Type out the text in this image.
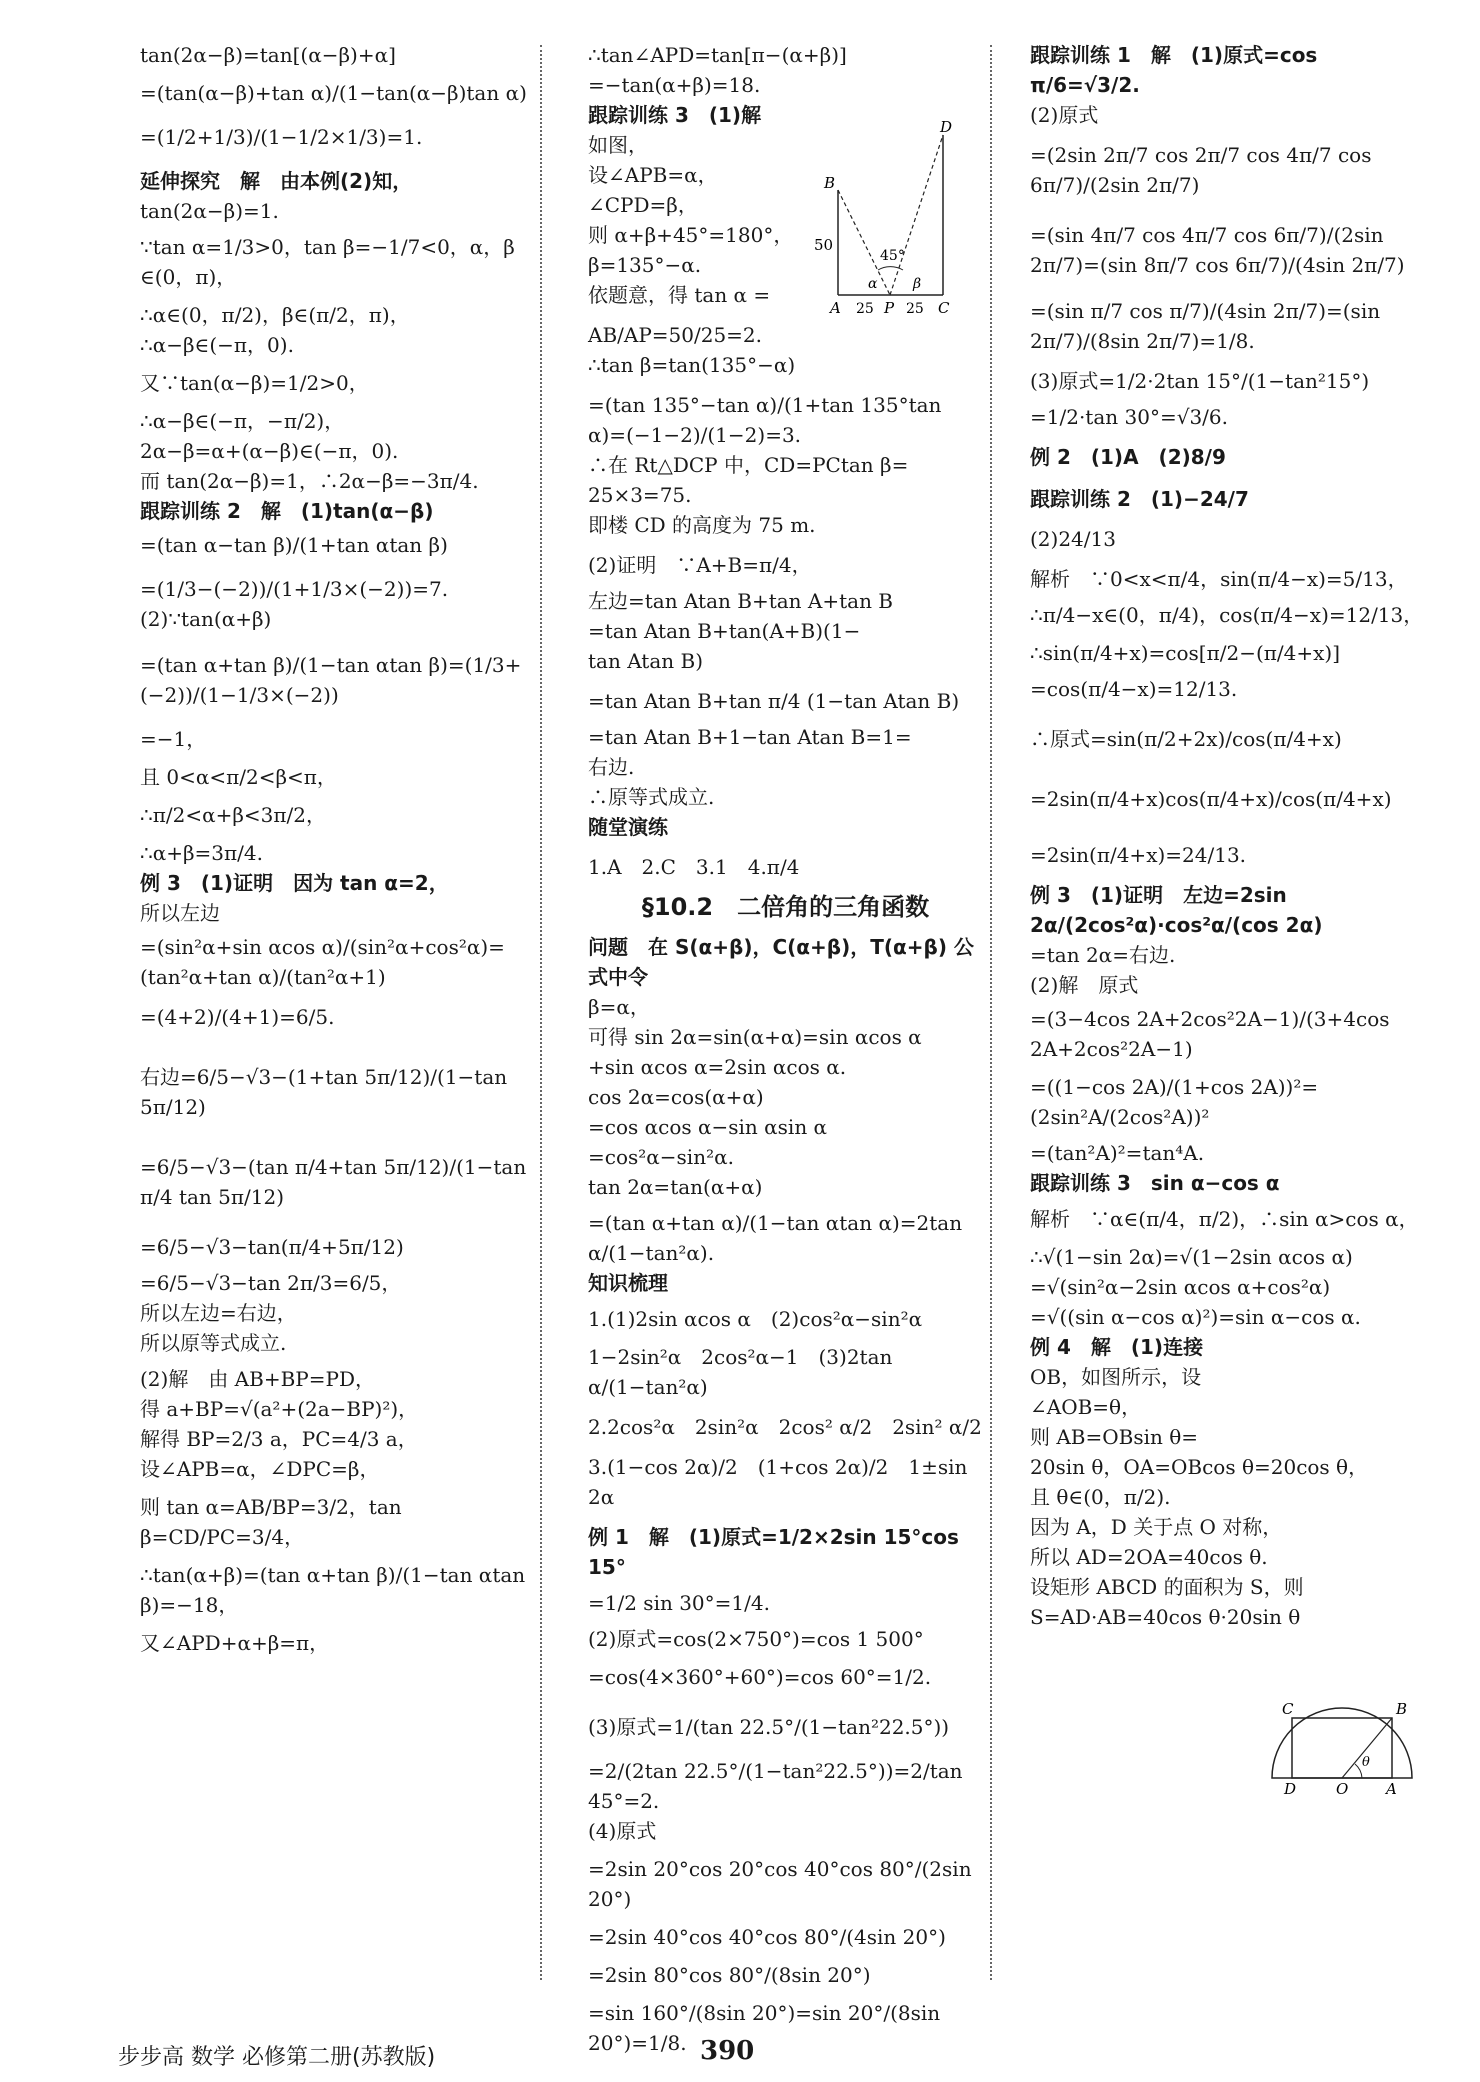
tan(2α−β)=tan[(α−β)+α]
=(tan(α−β)+tan α)/(1−tan(α−β)tan α)
=(1/2+1/3)/(1−1/2×1/3)=1.
延伸探究　解　由本例(2)知，
tan(2α−β)=1.
∵tan α=1/3>0，tan β=−1/7<0，α，β
∈(0，π)，
∴α∈(0，π/2)，β∈(π/2，π)，
∴α−β∈(−π，0).
又∵tan(α−β)=1/2>0，
∴α−β∈(−π，−π/2)，
2α−β=α+(α−β)∈(−π，0).
而 tan(2α−β)=1，∴2α−β=−3π/4.
跟踪训练 2　解　(1)tan(α−β)
=(tan α−tan β)/(1+tan αtan β)
=(1/3−(−2))/(1+1/3×(−2))=7.
(2)∵tan(α+β)
=(tan α+tan β)/(1−tan αtan β)=(1/3+(−2))/(1−1/3×(−2))
=−1，
且 0<α<π/2<β<π，
∴π/2<α+β<3π/2，
∴α+β=3π/4.
例 3　(1)证明　因为 tan α=2，
所以左边
=(sin²α+sin αcos α)/(sin²α+cos²α)=(tan²α+tan α)/(tan²α+1)
=(4+2)/(4+1)=6/5.
右边=6/5−√3−(1+tan 5π/12)/(1−tan 5π/12)
=6/5−√3−(tan π/4+tan 5π/12)/(1−tan π/4 tan 5π/12)
=6/5−√3−tan(π/4+5π/12)
=6/5−√3−tan 2π/3=6/5，
所以左边=右边，
所以原等式成立.
(2)解　由 AB+BP=PD，
得 a+BP=√(a²+(2a−BP)²)，
解得 BP=2/3 a，PC=4/3 a，
设∠APB=α，∠DPC=β，
则 tan α=AB/BP=3/2，tan β=CD/PC=3/4，
∴tan(α+β)=(tan α+tan β)/(1−tan αtan β)=−18，
又∠APD+α+β=π，
∴tan∠APD=tan[π−(α+β)]
=−tan(α+β)=18.
跟踪训练 3　(1)解
如图，
设∠APB=α，
∠CPD=β，
则 α+β+45°=180°，
β=135°−α.
依题意，得 tan α =
AB/AP=50/25=2.
∴tan β=tan(135°−α)
=(tan 135°−tan α)/(1+tan 135°tan α)=(−1−2)/(1−2)=3.
∴在 Rt△DCP 中，CD=PCtan β=
25×3=75.
即楼 CD 的高度为 75 m.
(2)证明　∵A+B=π/4，
左边=tan Atan B+tan A+tan B
=tan Atan B+tan(A+B)(1−
tan Atan B)
=tan Atan B+tan π/4 (1−tan Atan B)
=tan Atan B+1−tan Atan B=1=
右边.
∴原等式成立.
随堂演练
1.A　2.C　3.1　4.π/4
§10.2　二倍角的三角函数
问题　在 S(α+β)，C(α+β)，T(α+β) 公式中令
β=α，
可得 sin 2α=sin(α+α)=sin αcos α
+sin αcos α=2sin αcos α.
cos 2α=cos(α+α)
=cos αcos α−sin αsin α
=cos²α−sin²α.
tan 2α=tan(α+α)
=(tan α+tan α)/(1−tan αtan α)=2tan α/(1−tan²α).
知识梳理
1.(1)2sin αcos α　(2)cos²α−sin²α
1−2sin²α　2cos²α−1　(3)2tan α/(1−tan²α)
2.2cos²α　2sin²α　2cos² α/2　2sin² α/2
3.(1−cos 2α)/2　(1+cos 2α)/2　1±sin 2α
例 1　解　(1)原式=1/2×2sin 15°cos 15°
=1/2 sin 30°=1/4.
(2)原式=cos(2×750°)=cos 1 500°
=cos(4×360°+60°)=cos 60°=1/2.
(3)原式=1/(tan 22.5°/(1−tan²22.5°))
=2/(2tan 22.5°/(1−tan²22.5°))=2/tan 45°=2.
(4)原式
=2sin 20°cos 20°cos 40°cos 80°/(2sin 20°)
=2sin 40°cos 40°cos 80°/(4sin 20°)
=2sin 80°cos 80°/(8sin 20°)
=sin 160°/(8sin 20°)=sin 20°/(8sin 20°)=1/8.
跟踪训练 1　解　(1)原式=cos π/6=√3/2.
(2)原式
=(2sin 2π/7 cos 2π/7 cos 4π/7 cos 6π/7)/(2sin 2π/7)
=(sin 4π/7 cos 4π/7 cos 6π/7)/(2sin 2π/7)=(sin 8π/7 cos 6π/7)/(4sin 2π/7)
=(sin π/7 cos π/7)/(4sin 2π/7)=(sin 2π/7)/(8sin 2π/7)=1/8.
(3)原式=1/2·2tan 15°/(1−tan²15°)
=1/2·tan 30°=√3/6.
例 2　(1)A　(2)8/9
跟踪训练 2　(1)−24/7
(2)24/13
解析　∵0<x<π/4，sin(π/4−x)=5/13，
∴π/4−x∈(0，π/4)，cos(π/4−x)=12/13，
∴sin(π/4+x)=cos[π/2−(π/4+x)]
=cos(π/4−x)=12/13.
∴原式=sin(π/2+2x)/cos(π/4+x)
=2sin(π/4+x)cos(π/4+x)/cos(π/4+x)
=2sin(π/4+x)=24/13.
例 3　(1)证明　左边=2sin 2α/(2cos²α)·cos²α/(cos 2α)
=tan 2α=右边.
(2)解　原式
=(3−4cos 2A+2cos²2A−1)/(3+4cos 2A+2cos²2A−1)
=((1−cos 2A)/(1+cos 2A))²=(2sin²A/(2cos²A))²
=(tan²A)²=tan⁴A.
跟踪训练 3　sin α−cos α
解析　∵α∈(π/4，π/2)，∴sin α>cos α，
∴√(1−sin 2α)=√(1−2sin αcos α)
=√(sin²α−2sin αcos α+cos²α)
=√((sin α−cos α)²)=sin α−cos α.
例 4　解　(1)连接
OB，如图所示，设
∠AOB=θ，
则 AB=OBsin θ=
20sin θ，OA=OBcos θ=20cos θ，
且 θ∈(0，π/2).
因为 A，D 关于点 O 对称，
所以 AD=2OA=40cos θ.
设矩形 ABCD 的面积为 S，则
S=AD·AB=40cos θ·20sin θ
D
B
50
45°
α	β
A 25 P 25 C
C	B
θ
D	O	A
步步高 数学 必修第二册(苏教版)	390
